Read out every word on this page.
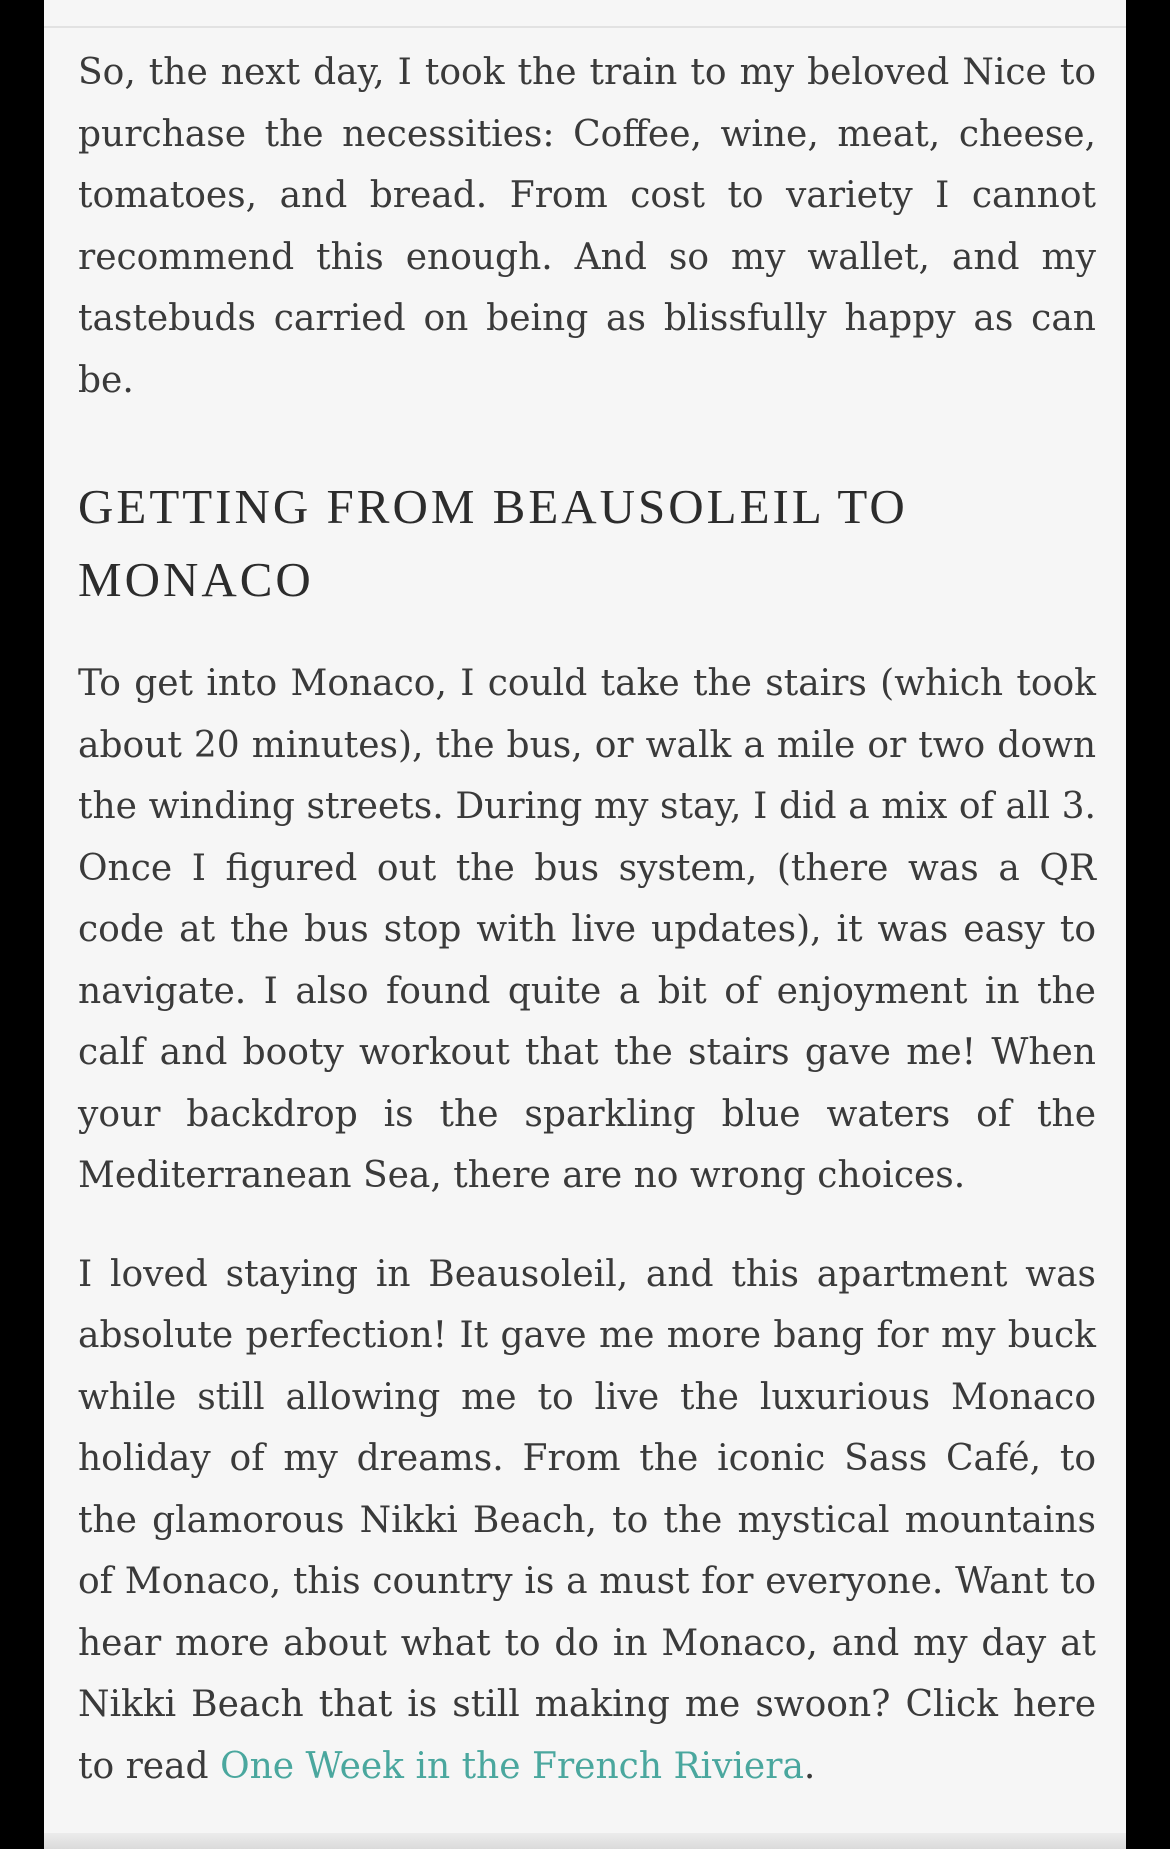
So, the next day, I took the train to my beloved Nice to purchase the necessities: Coffee, wine, meat, cheese, tomatoes, and bread. From cost to variety I cannot recommend this enough. And so my wallet, and my tastebuds carried on being as blissfully happy as can be.

GETTING FROM BEAUSOLEIL TO MONACO

To get into Monaco, I could take the stairs (which took about 20 minutes), the bus, or walk a mile or two down the winding streets. During my stay, I did a mix of all 3. Once I figured out the bus system, (there was a QR code at the bus stop with live updates), it was easy to navigate. I also found quite a bit of enjoyment in the calf and booty workout that the stairs gave me! When your backdrop is the sparkling blue waters of the Mediterranean Sea, there are no wrong choices.

I loved staying in Beausoleil, and this apartment was absolute perfection! It gave me more bang for my buck while still allowing me to live the luxurious Monaco holiday of my dreams. From the iconic Sass Café, to the glamorous Nikki Beach, to the mystical mountains of Monaco, this country is a must for everyone. Want to hear more about what to do in Monaco, and my day at Nikki Beach that is still making me swoon? Click here to read One Week in the French Riviera.
